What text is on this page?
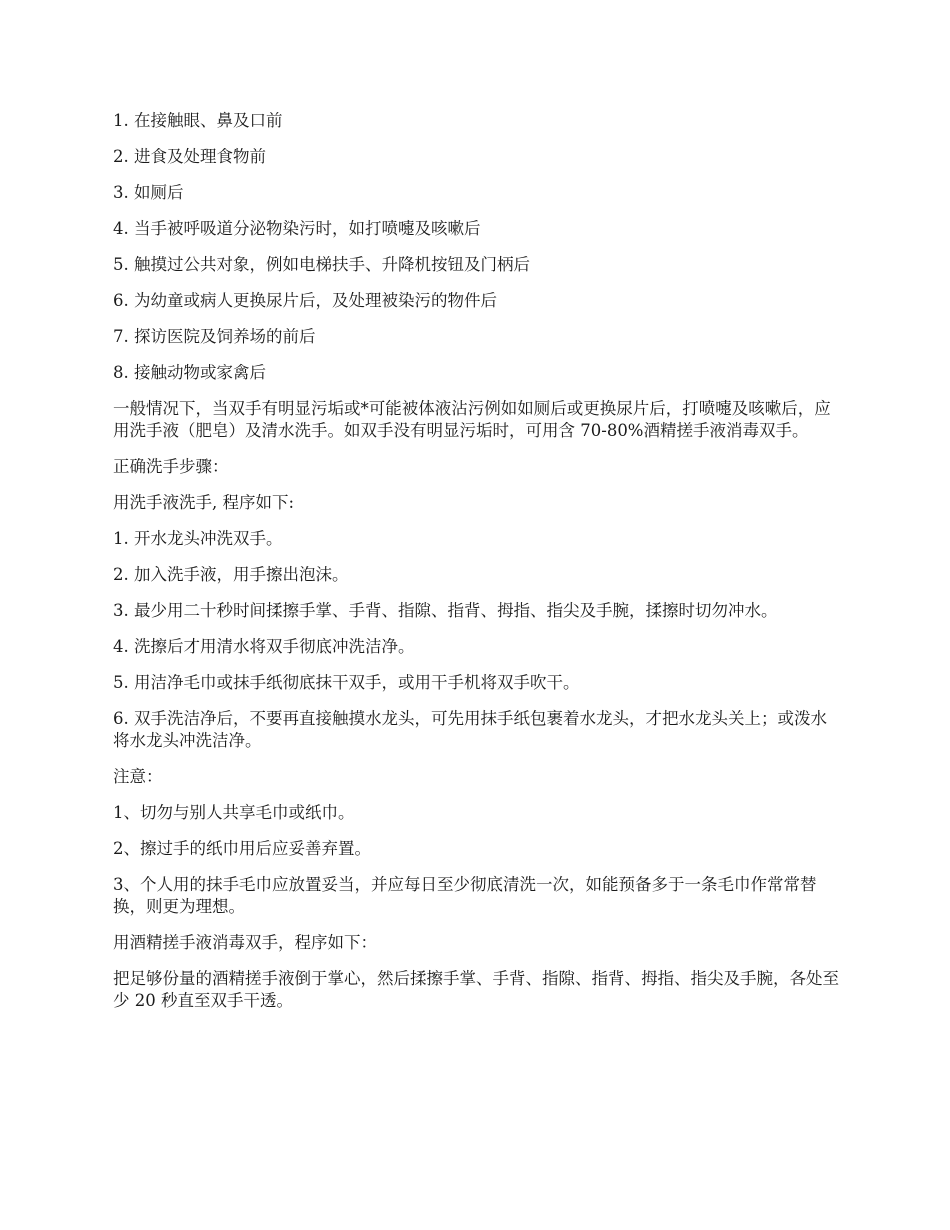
1. 在接触眼、鼻及口前

2. 进食及处理食物前

3. 如厕后

4. 当手被呼吸道分泌物染污时，如打喷嚏及咳嗽后

5. 触摸过公共对象，例如电梯扶手、升降机按钮及门柄后

6. 为幼童或病人更换尿片后，及处理被染污的物件后

7. 探访医院及饲养场的前后

8. 接触动物或家禽后

一般情况下，当双手有明显污垢或*可能被体液沾污例如如厕后或更换尿片后，打喷嚏及咳嗽后，应用洗手液（肥皂）及清水洗手。如双手没有明显污垢时，可用含 70-80%酒精搓手液消毒双手。

正确洗手步骤：

用洗手液洗手, 程序如下:

1. 开水龙头冲洗双手。

2. 加入洗手液，用手擦出泡沫。

3. 最少用二十秒时间揉擦手掌、手背、指隙、指背、拇指、指尖及手腕，揉擦时切勿冲水。

4. 洗擦后才用清水将双手彻底冲洗洁净。

5. 用洁净毛巾或抹手纸彻底抹干双手，或用干手机将双手吹干。

6. 双手洗洁净后，不要再直接触摸水龙头，可先用抹手纸包裹着水龙头，才把水龙头关上；或泼水将水龙头冲洗洁净。

注意：

1、切勿与别人共享毛巾或纸巾。

2、擦过手的纸巾用后应妥善弃置。

3、个人用的抹手毛巾应放置妥当，并应每日至少彻底清洗一次，如能预备多于一条毛巾作常常替换，则更为理想。

用酒精搓手液消毒双手，程序如下：

把足够份量的酒精搓手液倒于掌心，然后揉擦手掌、手背、指隙、指背、拇指、指尖及手腕，各处至少 20 秒直至双手干透。
